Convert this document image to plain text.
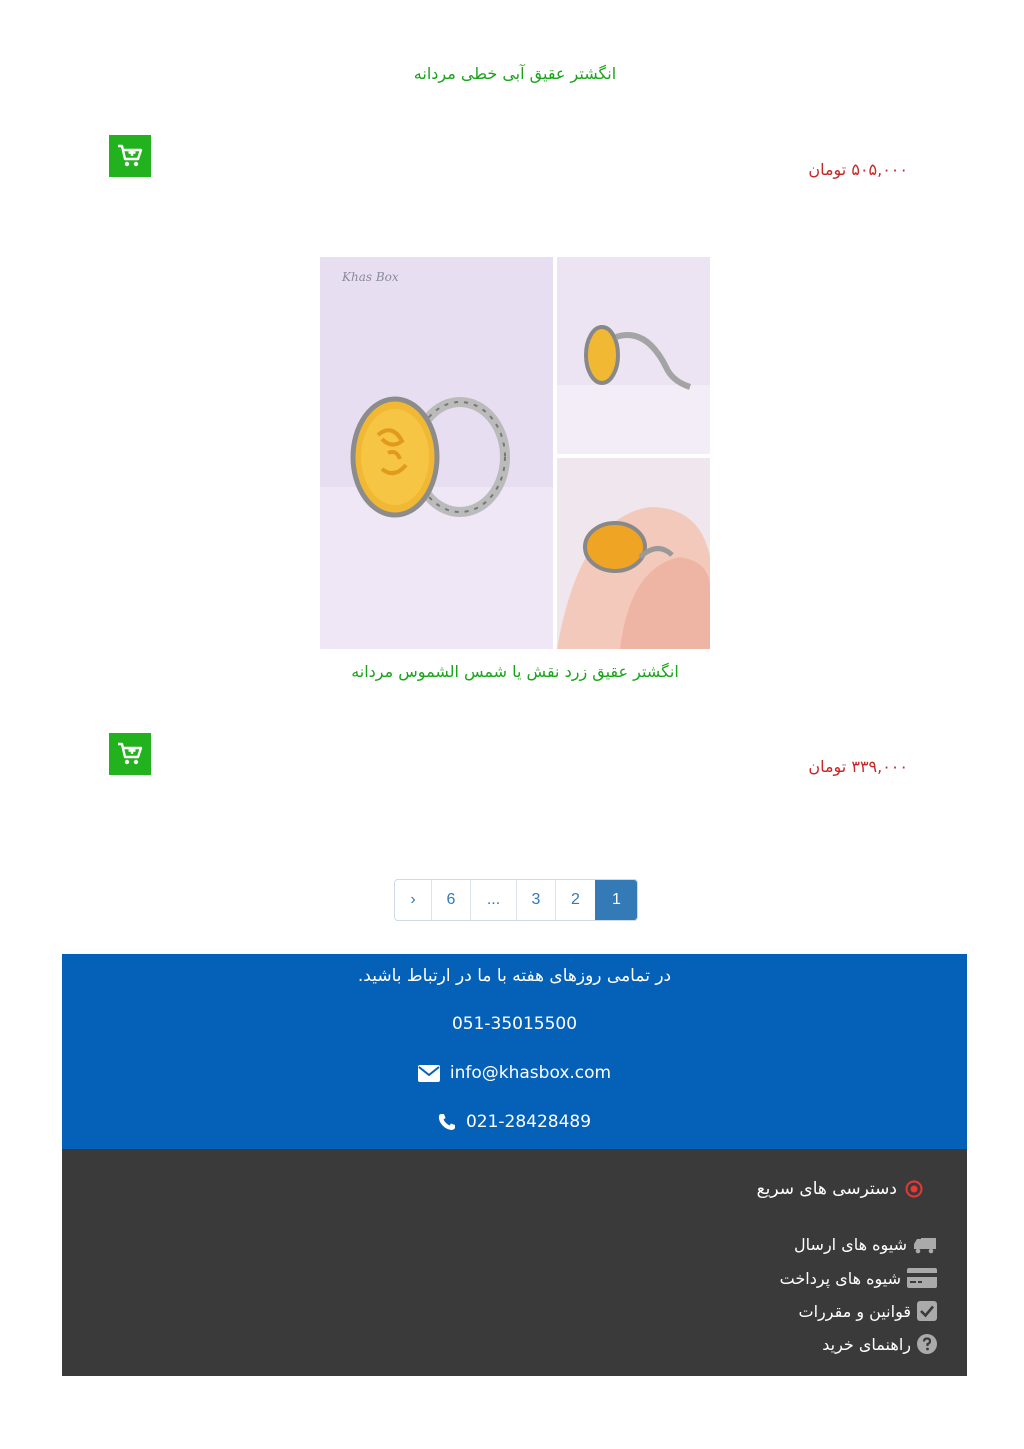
انگشتر عقیق آبی خطی مردانه
۵۰۵,۰۰۰ تومان
Khas Box
انگشتر عقیق زرد نقش یا شمس الشموس مردانه
۳۳۹,۰۰۰ تومان
›	6	...	3	2	1
در تمامی روزهای هفته با ما در ارتباط باشید.
051-35015500
info@khasbox.com
021-28428489
دسترسی های سریع
شیوه های ارسال
شیوه های پرداخت
قوانین و مقررات
راهنمای خرید
